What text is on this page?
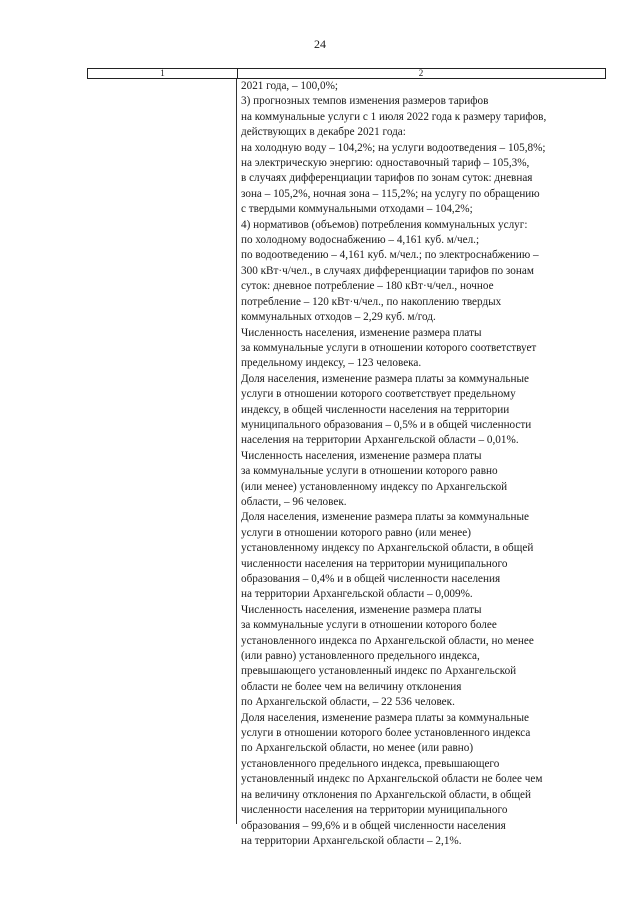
24
1	2
2021 года, – 100,0%;
3) прогнозных темпов изменения размеров тарифов
на коммунальные услуги с 1 июля 2022 года к размеру тарифов,
действующих в декабре 2021 года:
на холодную воду – 104,2%; на услуги водоотведения – 105,8%;
на электрическую энергию: одноставочный тариф – 105,3%,
в случаях дифференциации тарифов по зонам суток: дневная
зона – 105,2%, ночная зона – 115,2%; на услугу по обращению
с твердыми коммунальными отходами – 104,2%;
4) нормативов (объемов) потребления коммунальных услуг:
по холодному водоснабжению – 4,161 куб. м/чел.;
по водоотведению – 4,161 куб. м/чел.; по электроснабжению –
300 кВт·ч/чел., в случаях дифференциации тарифов по зонам
суток: дневное потребление – 180 кВт·ч/чел., ночное
потребление – 120 кВт·ч/чел., по накоплению твердых
коммунальных отходов – 2,29 куб. м/год.
Численность населения, изменение размера платы
за коммунальные услуги в отношении которого соответствует
предельному индексу, – 123 человека.
Доля населения, изменение размера платы за коммунальные
услуги в отношении которого соответствует предельному
индексу, в общей численности населения на территории
муниципального образования – 0,5% и в общей численности
населения на территории Архангельской области – 0,01%.
Численность населения, изменение размера платы
за коммунальные услуги в отношении которого равно
(или менее) установленному индексу по Архангельской
области, – 96 человек.
Доля населения, изменение размера платы за коммунальные
услуги в отношении которого равно (или менее)
установленному индексу по Архангельской области, в общей
численности населения на территории муниципального
образования – 0,4% и в общей численности населения
на территории Архангельской области – 0,009%.
Численность населения, изменение размера платы
за коммунальные услуги в отношении которого более
установленного индекса по Архангельской области, но менее
(или равно) установленного предельного индекса,
превышающего установленный индекс по Архангельской
области не более чем на величину отклонения
по Архангельской области, – 22 536 человек.
Доля населения, изменение размера платы за коммунальные
услуги в отношении которого более установленного индекса
по Архангельской области, но менее (или равно)
установленного предельного индекса, превышающего
установленный индекс по Архангельской области не более чем
на величину отклонения по Архангельской области, в общей
численности населения на территории муниципального
образования – 99,6% и в общей численности населения
на территории Архангельской области – 2,1%.
